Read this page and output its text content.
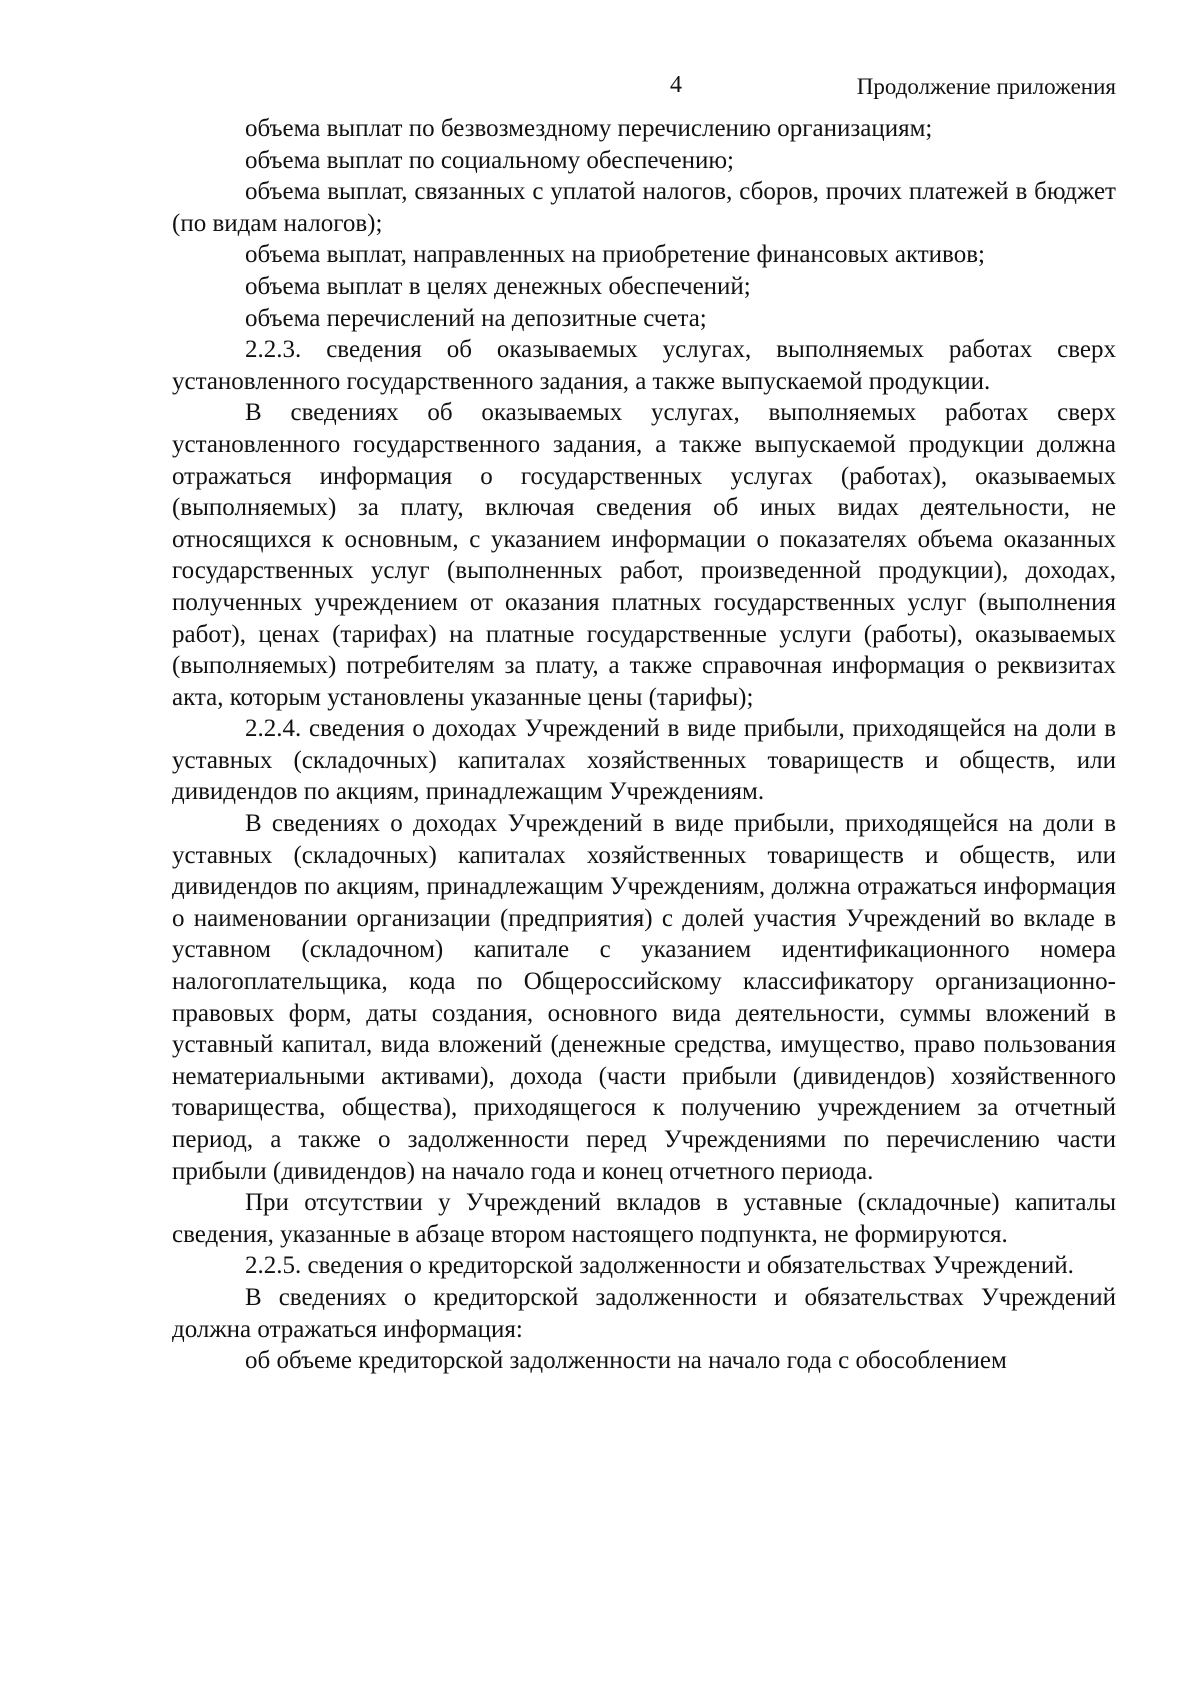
4	Продолжение приложения

объема выплат по безвозмездному перечислению организациям;

объема выплат по социальному обеспечению;

объема выплат, связанных с уплатой налогов, сборов, прочих платежей в бюджет (по видам налогов);

объема выплат, направленных на приобретение финансовых активов;

объема выплат в целях денежных обеспечений;

объема перечислений на депозитные счета;

2.2.3. сведения об оказываемых услугах, выполняемых работах сверх установленного государственного задания, а также выпускаемой продукции.

В сведениях об оказываемых услугах, выполняемых работах сверх установленного государственного задания, а также выпускаемой продукции должна отражаться информация о государственных услугах (работах), оказываемых (выполняемых) за плату, включая сведения об иных видах деятельности, не относящихся к основным, с указанием информации о показателях объема оказанных государственных услуг (выполненных работ, произведенной продукции), доходах, полученных учреждением от оказания платных государственных услуг (выполнения работ), ценах (тарифах) на платные государственные услуги (работы), оказываемых (выполняемых) потребителям за плату, а также справочная информация о реквизитах акта, которым установлены указанные цены (тарифы);

2.2.4. сведения о доходах Учреждений в виде прибыли, приходящейся на доли в уставных (складочных) капиталах хозяйственных товариществ и обществ, или дивидендов по акциям, принадлежащим Учреждениям.

В сведениях о доходах Учреждений в виде прибыли, приходящейся на доли в уставных (складочных) капиталах хозяйственных товариществ и обществ, или дивидендов по акциям, принадлежащим Учреждениям, должна отражаться информация о наименовании организации (предприятия) с долей участия Учреждений во вкладе в уставном (складочном) капитале с указанием идентификационного номера налогоплательщика, кода по Общероссийскому классификатору организационно-правовых форм, даты создания, основного вида деятельности, суммы вложений в уставный капитал, вида вложений (денежные средства, имущество, право пользования нематериальными активами), дохода (части прибыли (дивидендов) хозяйственного товарищества, общества), приходящегося к получению учреждением за отчетный период, а также о задолженности перед Учреждениями по перечислению части прибыли (дивидендов) на начало года и конец отчетного периода.

При отсутствии у Учреждений вкладов в уставные (складочные) капиталы сведения, указанные в абзаце втором настоящего подпункта, не формируются.

2.2.5. сведения о кредиторской задолженности и обязательствах Учреждений.

В сведениях о кредиторской задолженности и обязательствах Учреждений должна отражаться информация:

об объеме кредиторской задолженности на начало года с обособлением
